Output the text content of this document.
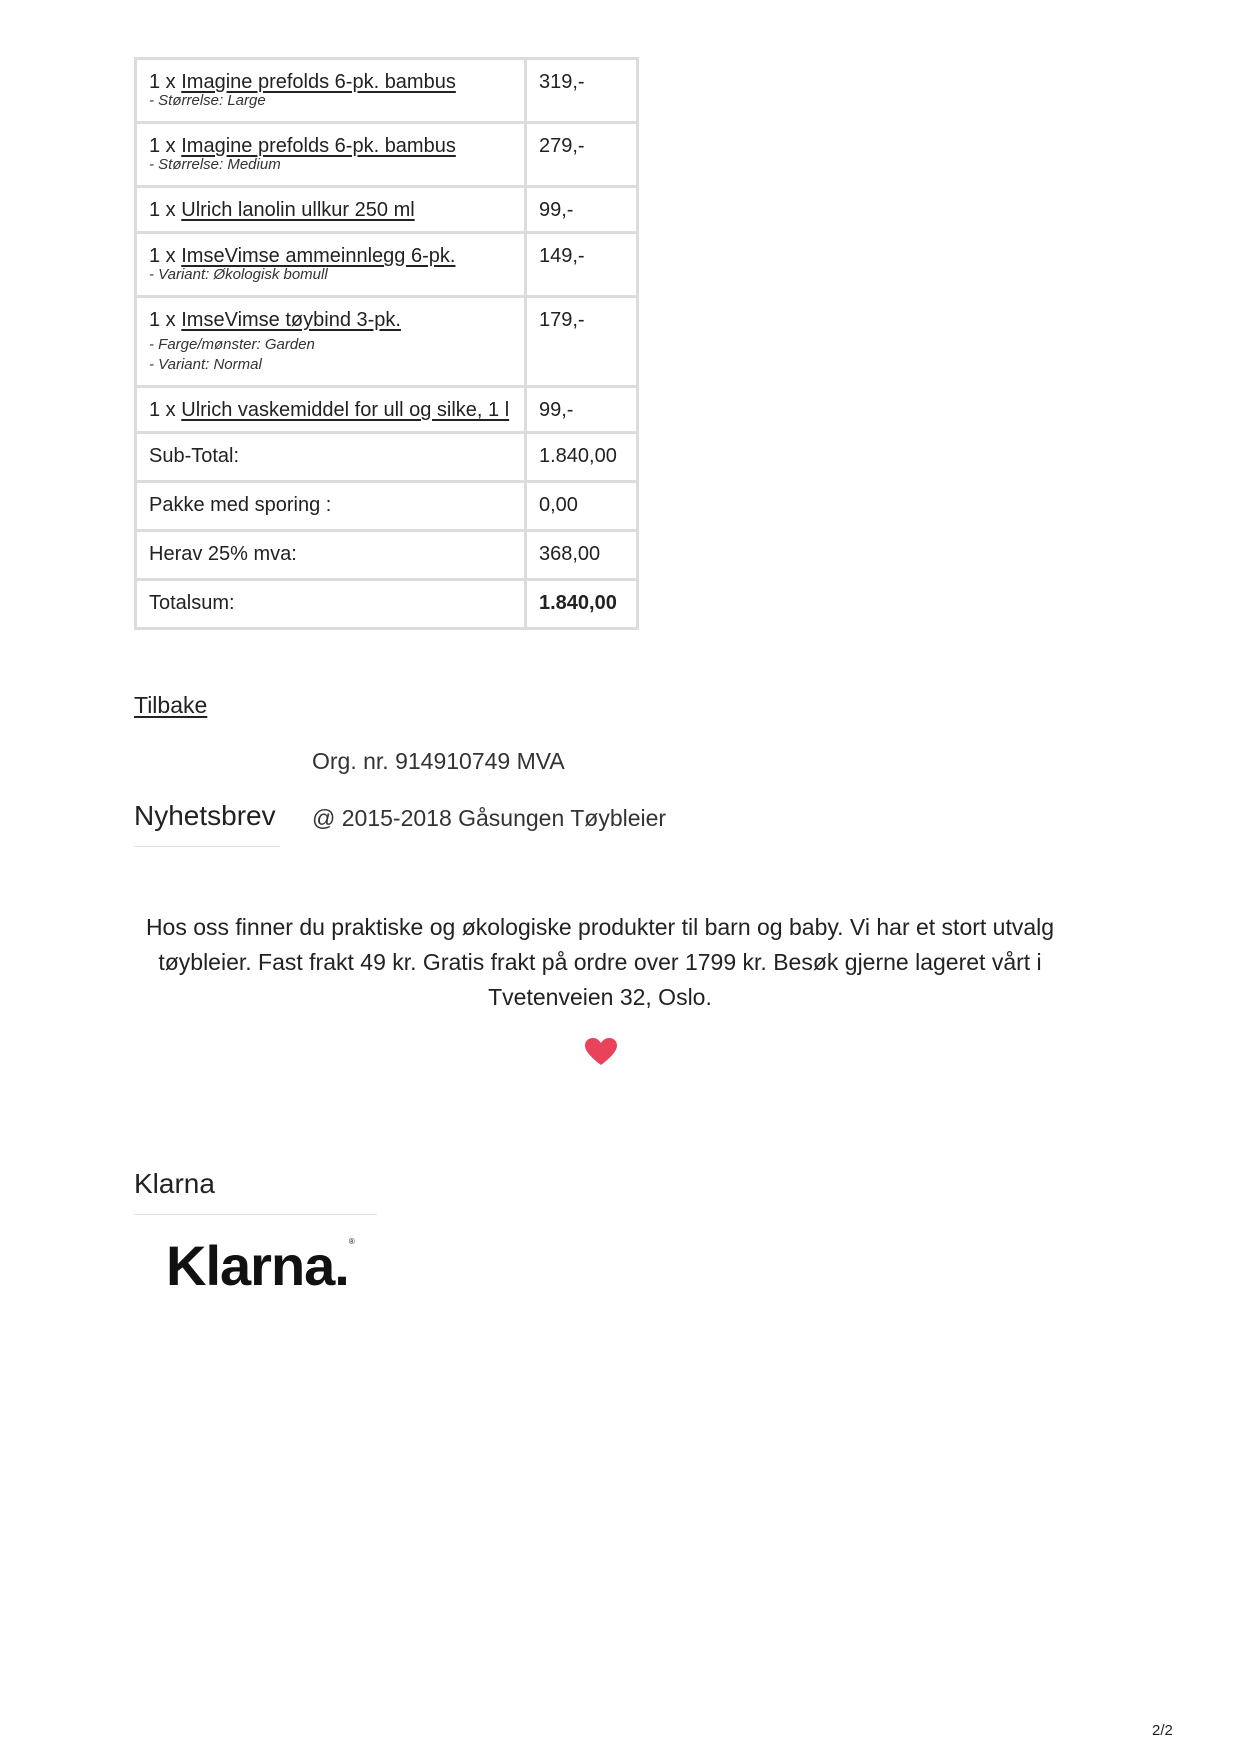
1 x Imagine prefolds 6-pk. bambus
- Størrelse: Large	319,-
1 x Imagine prefolds 6-pk. bambus
- Størrelse: Medium	279,-
1 x Ulrich lanolin ullkur 250 ml	99,-
1 x ImseVimse ammeinnlegg 6-pk.
- Variant: Økologisk bomull	149,-
1 x ImseVimse tøybind 3-pk.
- Farge/mønster: Garden
- Variant: Normal	179,-
1 x Ulrich vaskemiddel for ull og silke, 1 l	99,-
Sub-Total:	1.840,00
Pakke med sporing :	0,00
Herav 25% mva:	368,00
Totalsum:	1.840,00
Tilbake
Org. nr. 914910749 MVA
Nyhetsbrev @ 2015-2018 Gåsungen Tøybleier
Hos oss finner du praktiske og økologiske produkter til barn og baby. Vi har et stort utvalg tøybleier. Fast frakt 49 kr. Gratis frakt på ordre over 1799 kr. Besøk gjerne lageret vårt i Tvetenveien 32, Oslo.
Klarna
Klarna.®
2/2
